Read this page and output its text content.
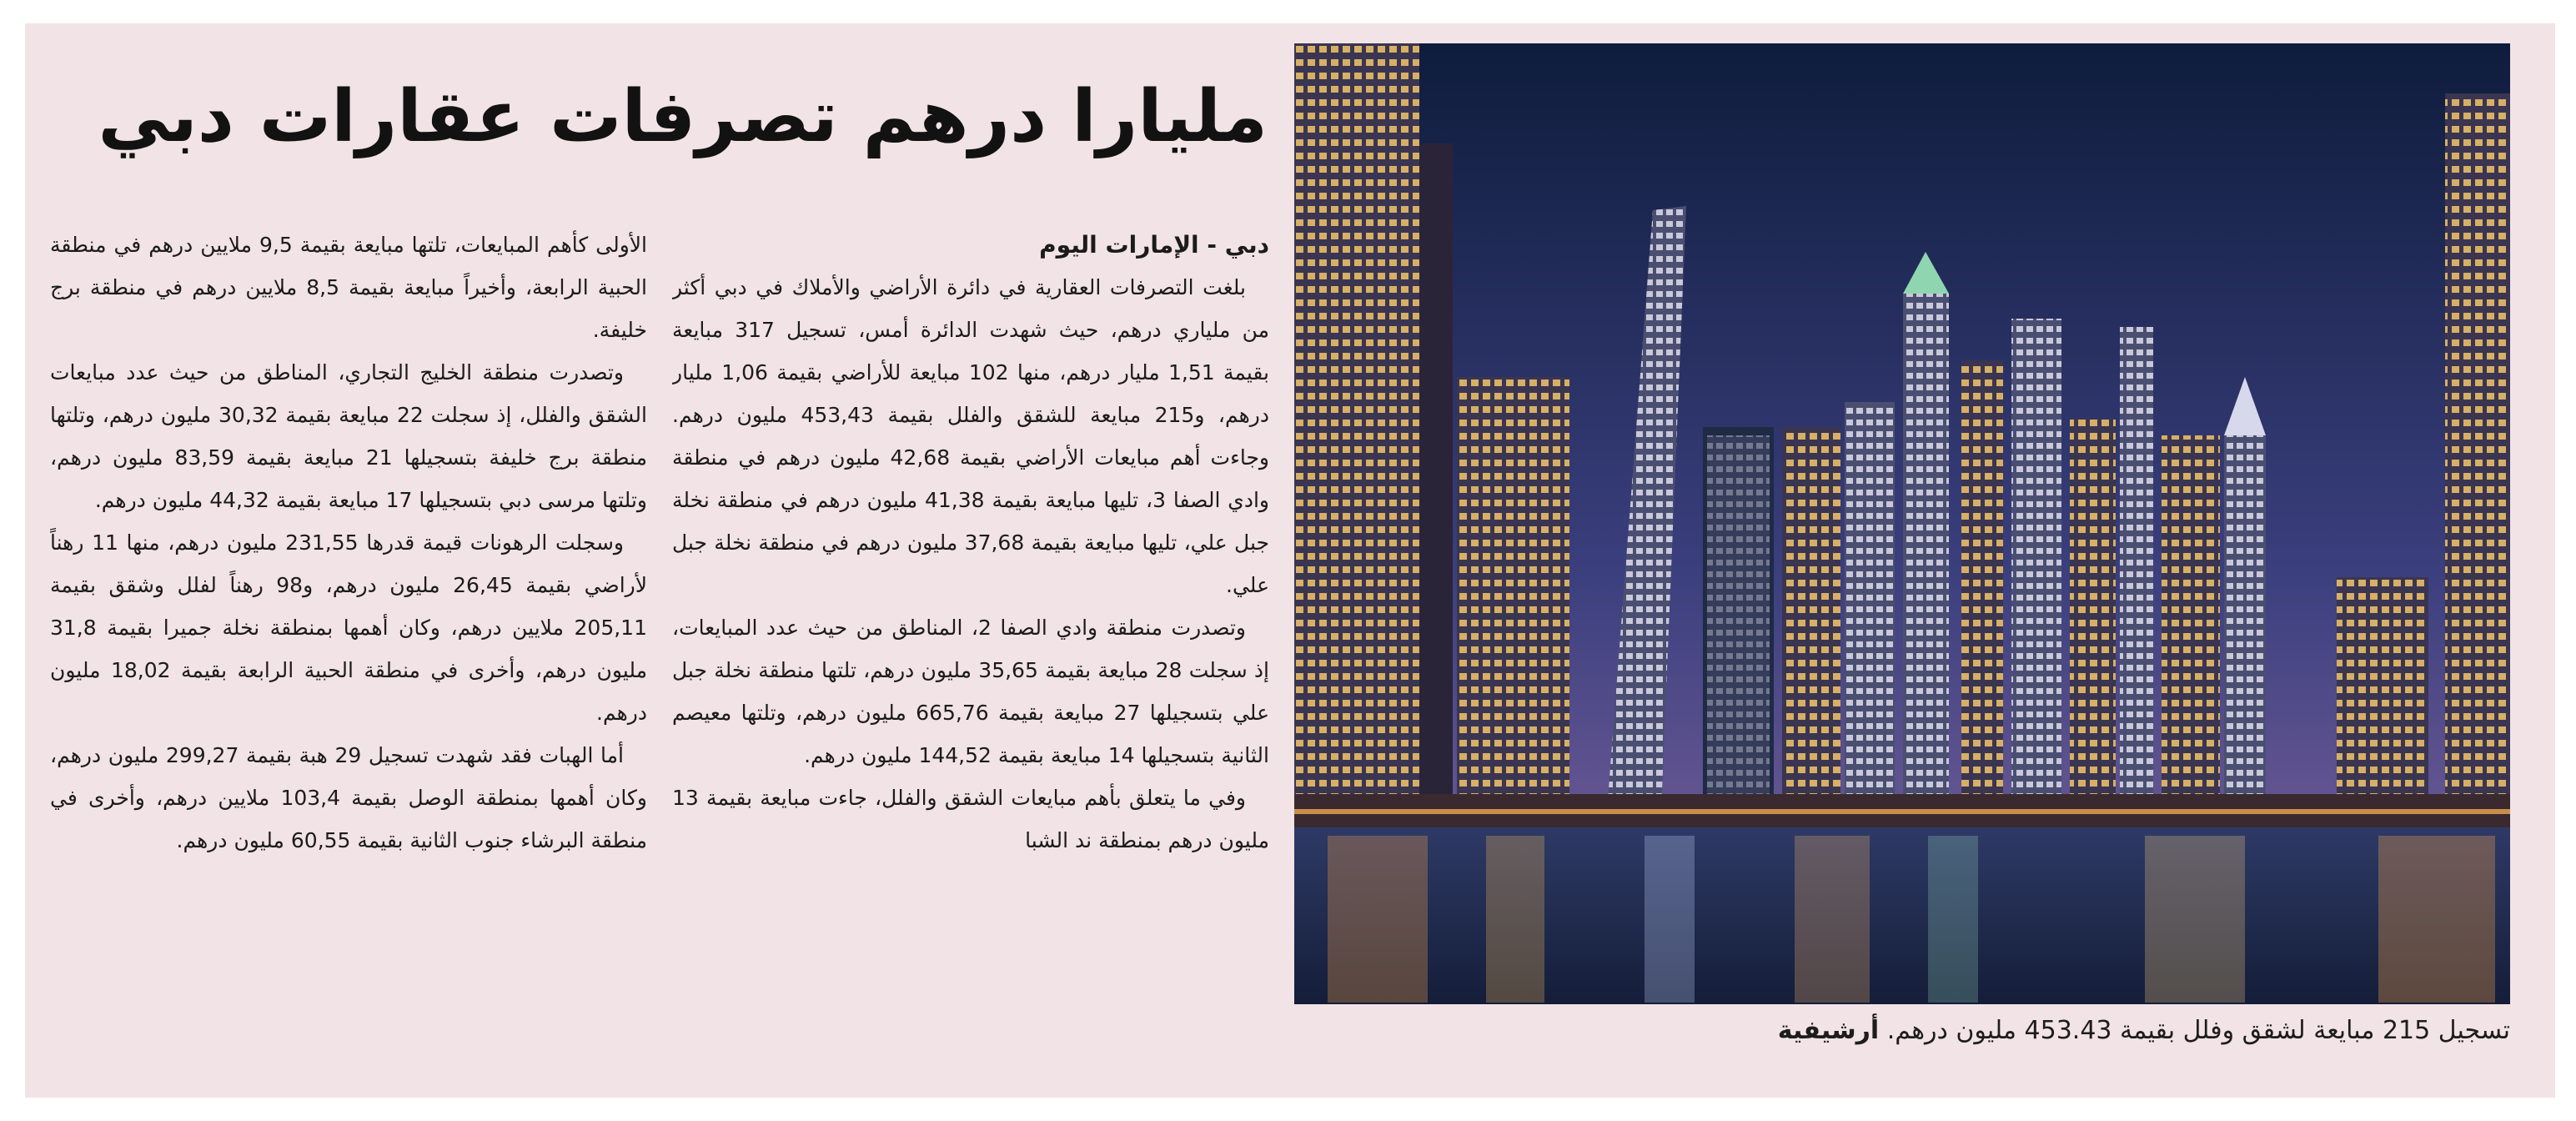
مليارا درهم تصرفات عقارات دبي

دبي - الإمارات اليوم

بلغت التصرفات العقارية في دائرة الأراضي والأملاك في دبي أكثر من ملياري درهم، حيث شهدت الدائرة أمس، تسجيل 317 مبايعة بقيمة 1,51 مليار درهم، منها 102 مبايعة للأراضي بقيمة 1,06 مليار درهم، و215 مبايعة للشقق والفلل بقيمة 453,43 مليون درهم. وجاءت أهم مبايعات الأراضي بقيمة 42,68 مليون درهم في منطقة وادي الصفا 3، تليها مبايعة بقيمة 41,38 مليون درهم في منطقة نخلة جبل علي، تليها مبايعة بقيمة 37,68 مليون درهم في منطقة نخلة جبل علي.

وتصدرت منطقة وادي الصفا 2، المناطق من حيث عدد المبايعات، إذ سجلت 28 مبايعة بقيمة 35,65 مليون درهم، تلتها منطقة نخلة جبل علي بتسجيلها 27 مبايعة بقيمة 665,76 مليون درهم، وتلتها معيصم الثانية بتسجيلها 14 مبايعة بقيمة 144,52 مليون درهم.

وفي ما يتعلق بأهم مبايعات الشقق والفلل، جاءت مبايعة بقيمة 13 مليون درهم بمنطقة ند الشبا

الأولى كأهم المبايعات، تلتها مبايعة بقيمة 9,5 ملايين درهم في منطقة الحبية الرابعة، وأخيراً مبايعة بقيمة 8,5 ملايين درهم في منطقة برج خليفة.

وتصدرت منطقة الخليج التجاري، المناطق من حيث عدد مبايعات الشقق والفلل، إذ سجلت 22 مبايعة بقيمة 30,32 مليون درهم، وتلتها منطقة برج خليفة بتسجيلها 21 مبايعة بقيمة 83,59 مليون درهم، وتلتها مرسى دبي بتسجيلها 17 مبايعة بقيمة 44,32 مليون درهم.

وسجلت الرهونات قيمة قدرها 231,55 مليون درهم، منها 11 رهناً لأراضي بقيمة 26,45 مليون درهم، و98 رهناً لفلل وشقق بقيمة 205,11 ملايين درهم، وكان أهمها بمنطقة نخلة جميرا بقيمة 31,8 مليون درهم، وأخرى في منطقة الحبية الرابعة بقيمة 18,02 مليون درهم.

أما الهبات فقد شهدت تسجيل 29 هبة بقيمة 299,27 مليون درهم، وكان أهمها بمنطقة الوصل بقيمة 103,4 ملايين درهم، وأخرى في منطقة البرشاء جنوب الثانية بقيمة 60,55 مليون درهم.

تسجيل 215 مبايعة لشقق وفلل بقيمة 453.43 مليون درهم. أرشيفية
